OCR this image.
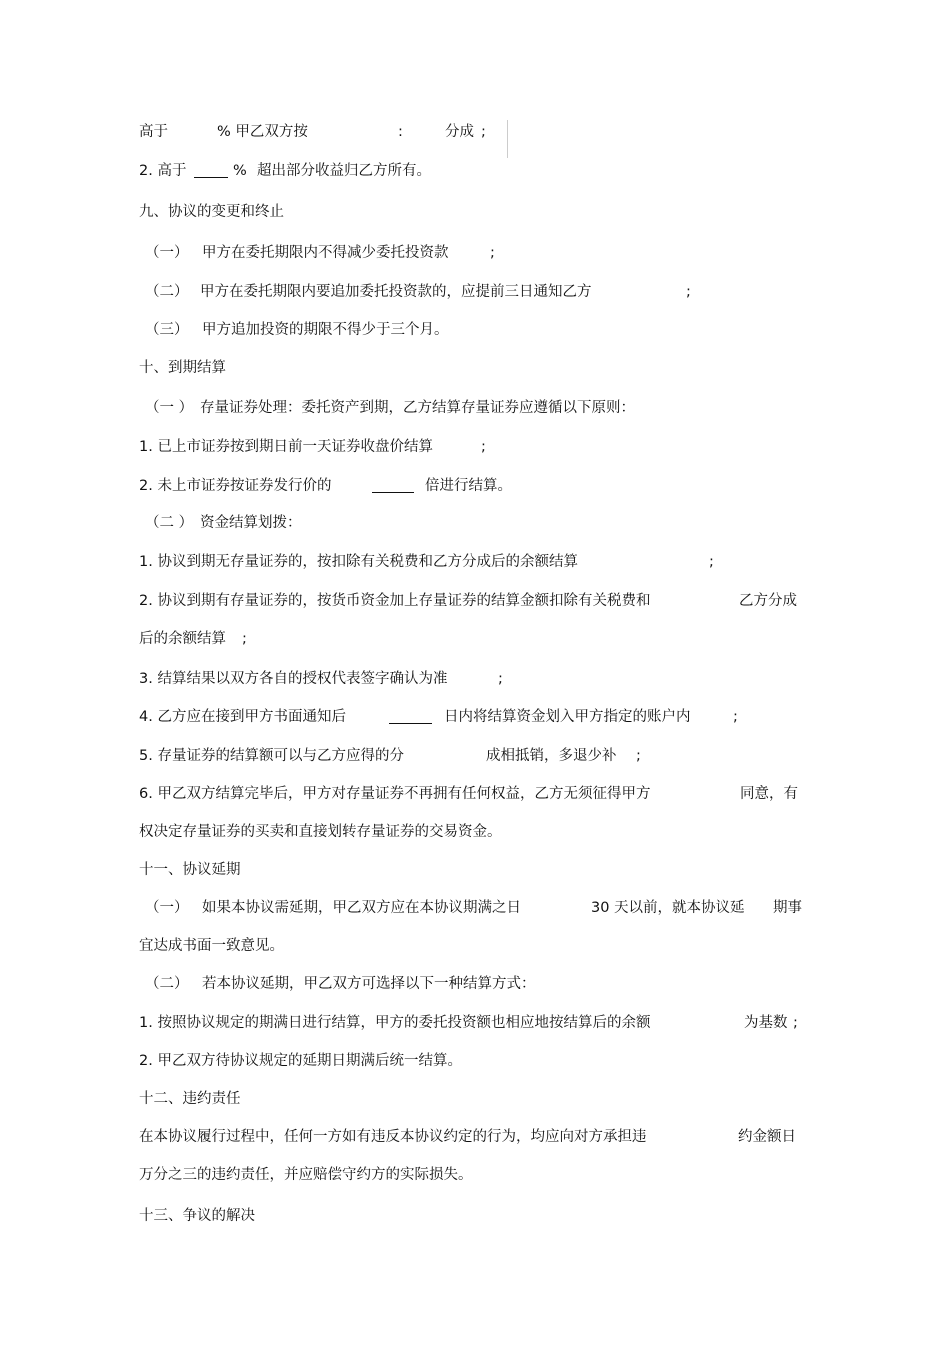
高于

	% 甲乙双方按

	:

	分成

;

2. 高于

	%

超出部分收益归乙方所有。

九、协议的变更和终止

（一）

甲方在委托期限内不得减少委托投资款

	;

（二）

甲方在委托期限内要追加委托投资款的，应提前三日通知乙方

	;

（三）

甲方追加投资的期限不得少于三个月。

十、到期结算

（一 ）

存量证券处理：委托资产到期，乙方结算存量证券应遵循以下原则：

1. 已上市证券按到期日前一天证券收盘价结算

	;

2. 未上市证券按证券发行价的

	倍进行结算。

（二 ）

资金结算划拨：

1. 协议到期无存量证券的，按扣除有关税费和乙方分成后的余额结算

	;

2. 协议到期有存量证券的，按货币资金加上存量证券的结算金额扣除有关税费和

	乙方分成

后的余额结算

;

3. 结算结果以双方各自的授权代表签字确认为准

	;

4. 乙方应在接到甲方书面通知后

	日内将结算资金划入甲方指定的账户内

	;

5. 存量证券的结算额可以与乙方应得的分

	成相抵销，多退少补

;

6. 甲乙双方结算完毕后，甲方对存量证券不再拥有任何权益，乙方无须征得甲方

	同意，有

权决定存量证券的买卖和直接划转存量证券的交易资金。

十一、协议延期

（一）

如果本协议需延期，甲乙双方应在本协议期满之日

	30 天以前，就本协议延

期事

宜达成书面一致意见。

（二）

若本协议延期，甲乙双方可选择以下一种结算方式：

1. 按照协议规定的期满日进行结算，甲方的委托投资额也相应地按结算后的余额

	为基数

;

2. 甲乙双方待协议规定的延期日期满后统一结算。

十二、违约责任

在本协议履行过程中，任何一方如有违反本协议约定的行为，均应向对方承担违

	约金额日

万分之三的违约责任，并应赔偿守约方的实际损失。

十三、争议的解决
